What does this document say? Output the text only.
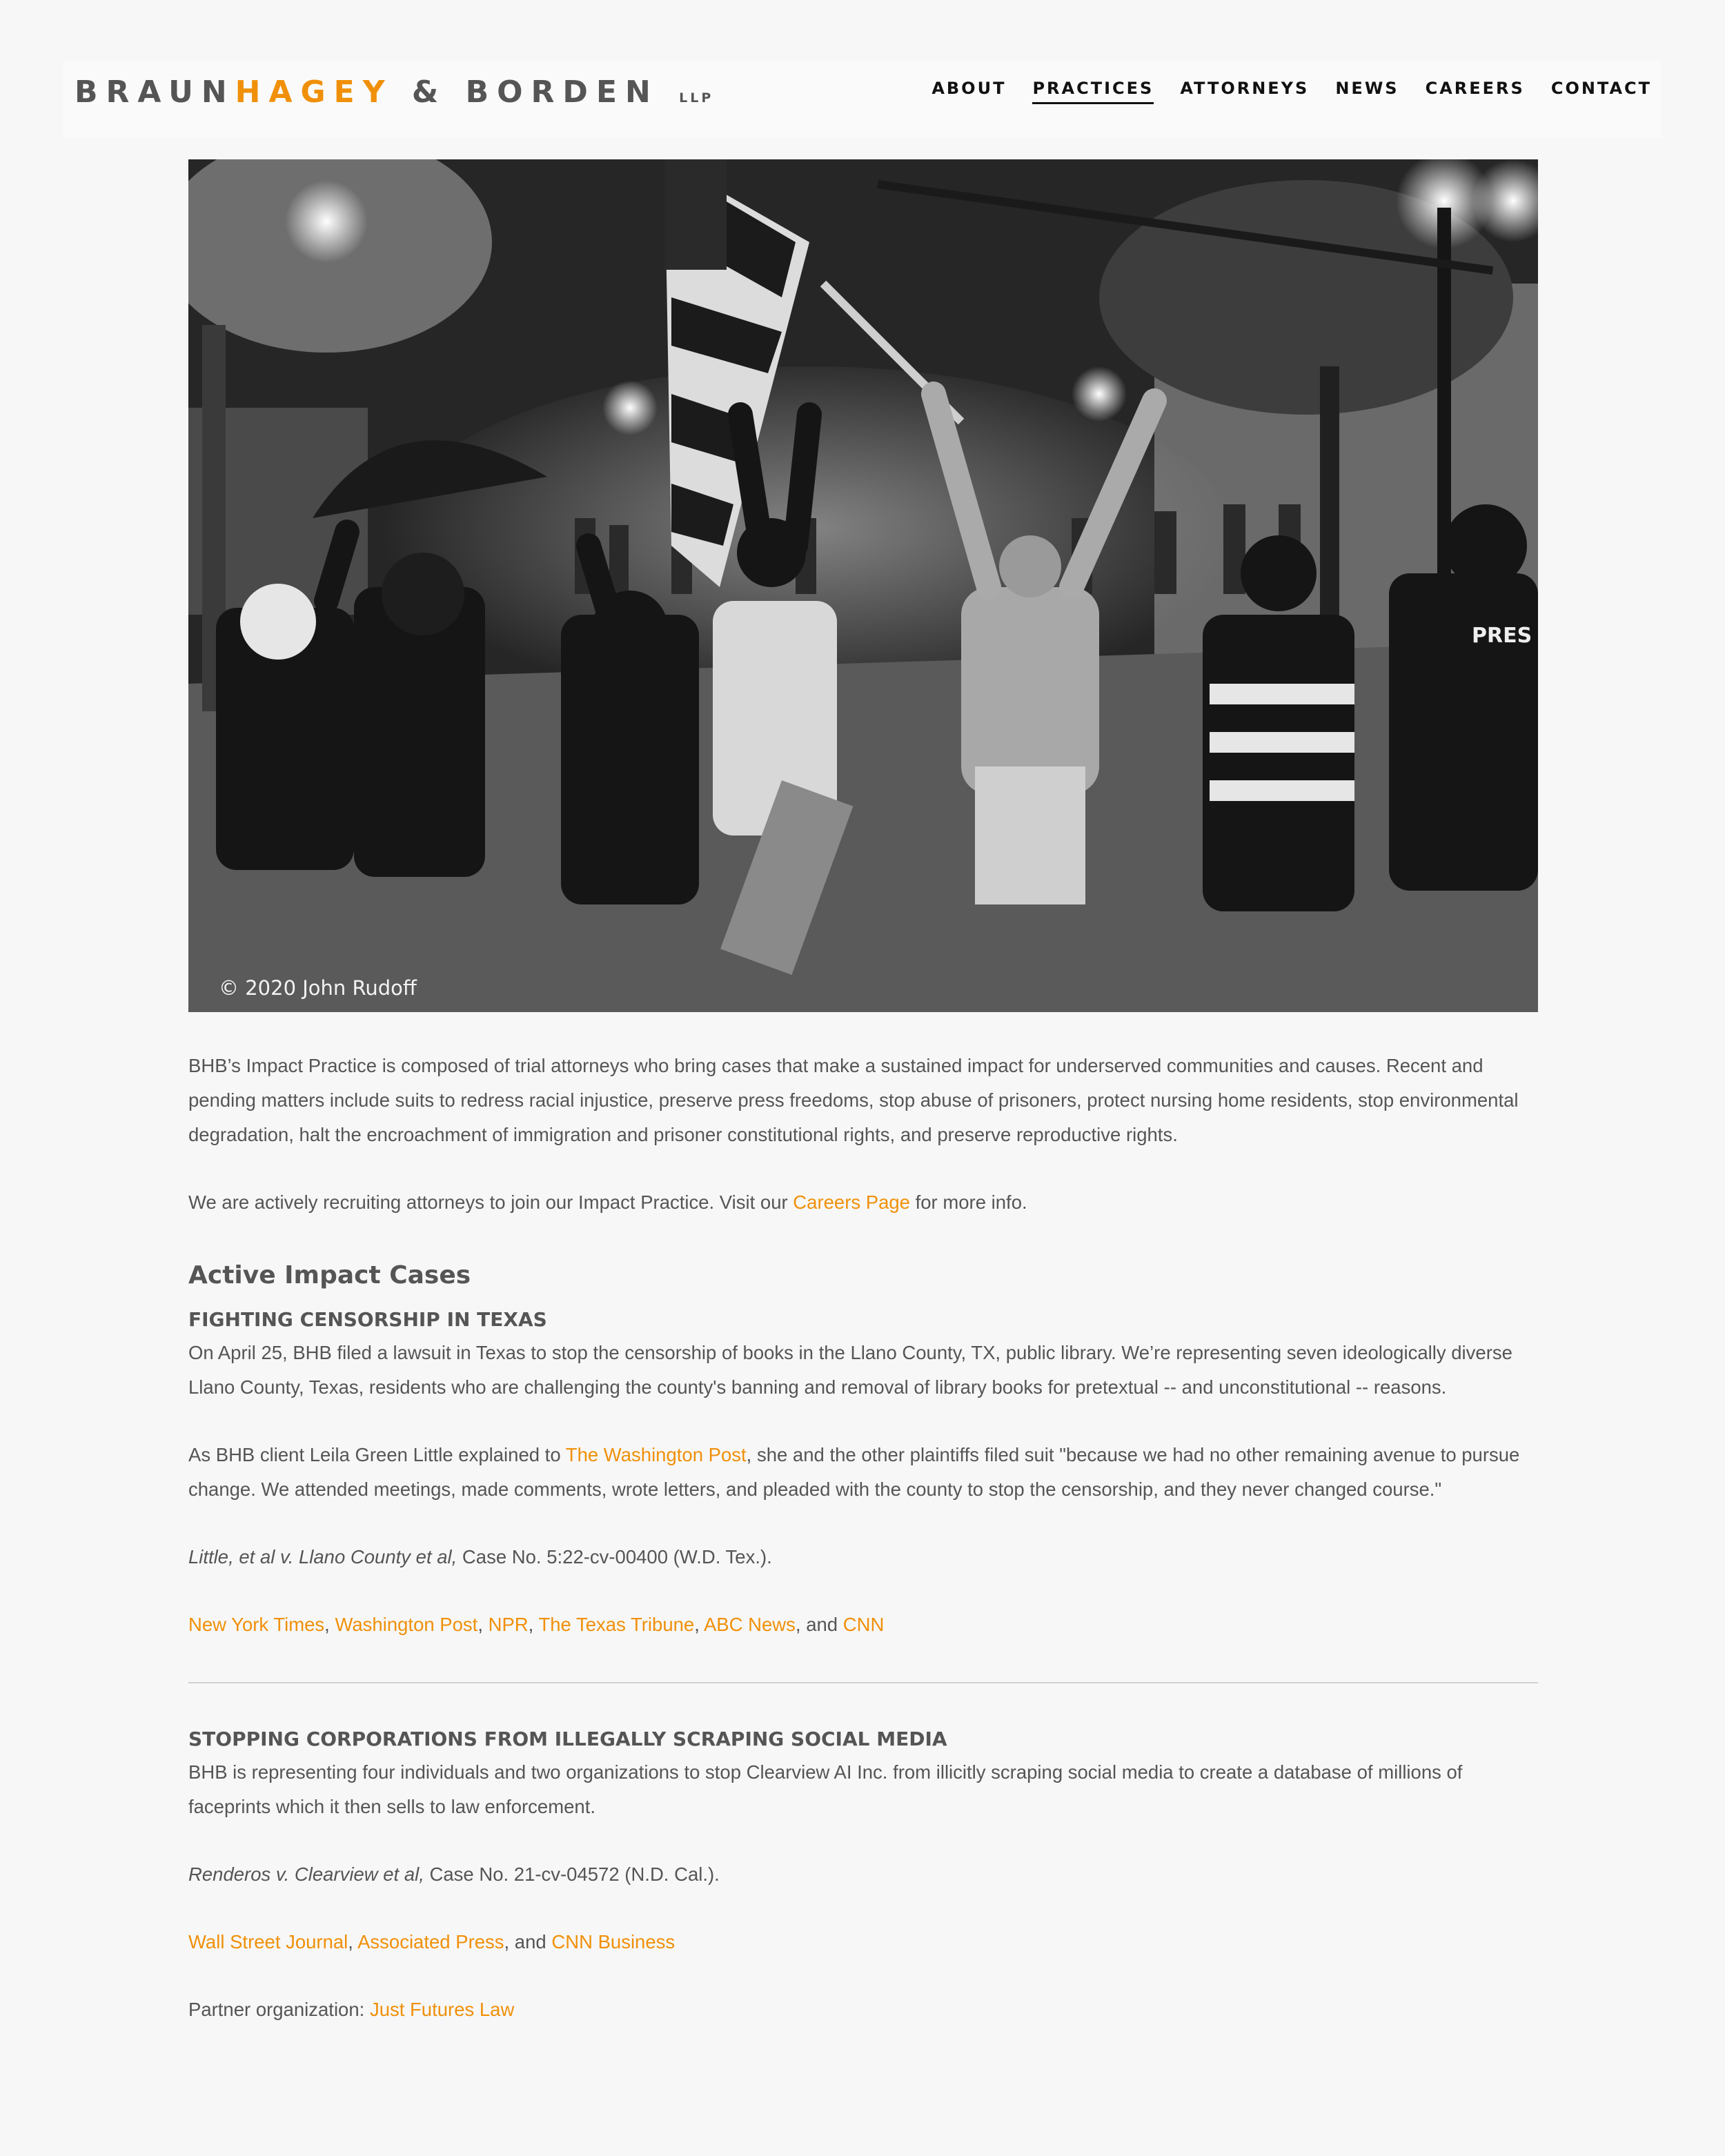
BRAUNHAGEY & BORDEN LLP	ABOUT PRACTICES ATTORNEYS NEWS CAREERS CONTACT
PRES
© 2020 John Rudoff

BHB’s Impact Practice is composed of trial attorneys who bring cases that make a sustained impact for underserved communities and causes. Recent and pending matters include suits to redress racial injustice, preserve press freedoms, stop abuse of prisoners, protect nursing home residents, stop environmental degradation, halt the encroachment of immigration and prisoner constitutional rights, and preserve reproductive rights.

We are actively recruiting attorneys to join our Impact Practice. Visit our Careers Page for more info.

Active Impact Cases
FIGHTING CENSORSHIP IN TEXAS

On April 25, BHB filed a lawsuit in Texas to stop the censorship of books in the Llano County, TX, public library. We’re representing seven ideologically diverse Llano County, Texas, residents who are challenging the county's banning and removal of library books for pretextual -- and unconstitutional -- reasons.

As BHB client Leila Green Little explained to The Washington Post, she and the other plaintiffs filed suit "because we had no other remaining avenue to pursue change. We attended meetings, made comments, wrote letters, and pleaded with the county to stop the censorship, and they never changed course."

Little, et al v. Llano County et al, Case No. 5:22-cv-00400 (W.D. Tex.).

New York Times, Washington Post, NPR, The Texas Tribune, ABC News, and CNN

STOPPING CORPORATIONS FROM ILLEGALLY SCRAPING SOCIAL MEDIA

BHB is representing four individuals and two organizations to stop Clearview AI Inc. from illicitly scraping social media to create a database of millions of faceprints which it then sells to law enforcement.

Renderos v. Clearview et al, Case No. 21-cv-04572 (N.D. Cal.).

Wall Street Journal, Associated Press, and CNN Business

Partner organization: Just Futures Law
